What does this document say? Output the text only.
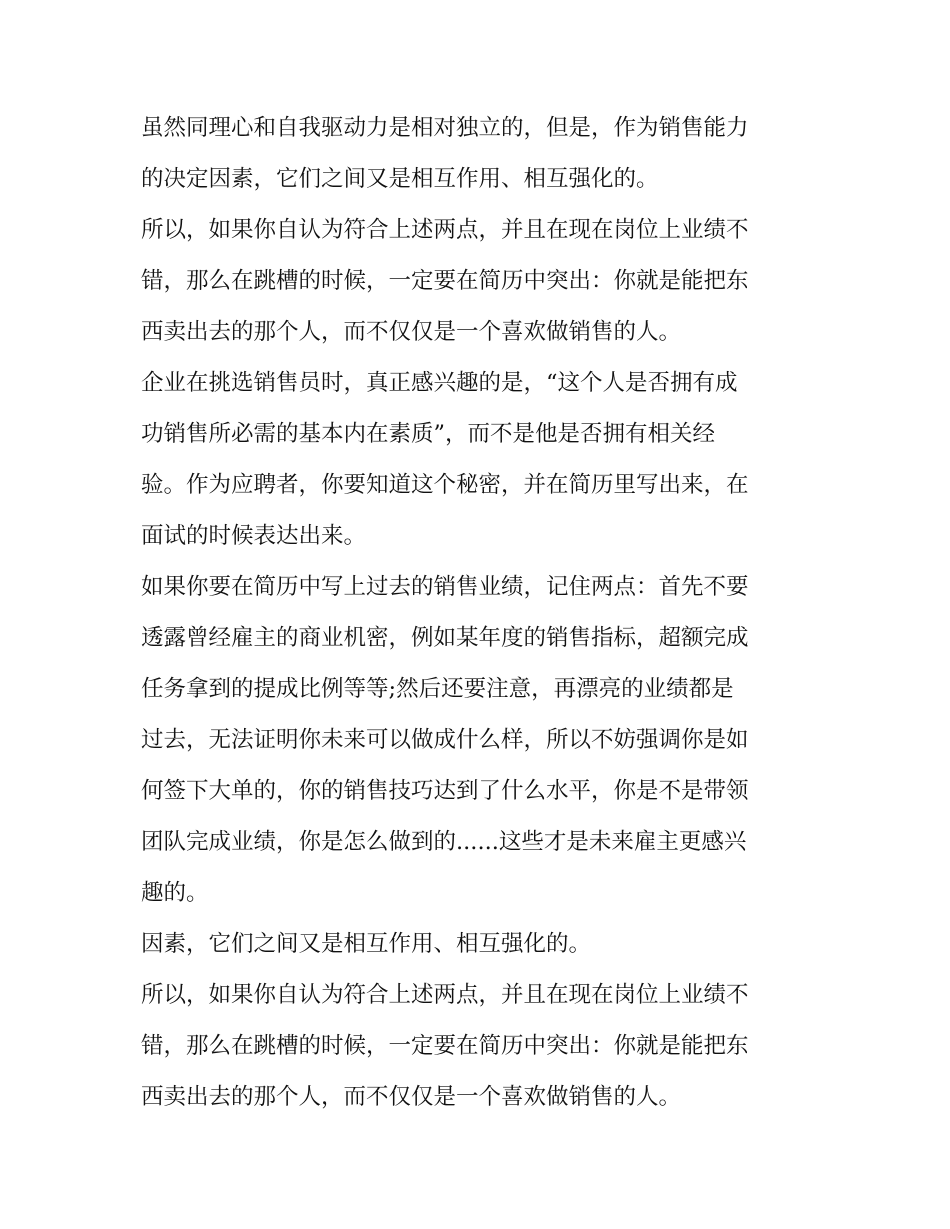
虽然同理心和自我驱动力是相对独立的，但是，作为销售能力
的决定因素，它们之间又是相互作用、相互强化的。
所以，如果你自认为符合上述两点，并且在现在岗位上业绩不
错，那么在跳槽的时候，一定要在简历中突出：你就是能把东
西卖出去的那个人，而不仅仅是一个喜欢做销售的人。
企业在挑选销售员时，真正感兴趣的是，“这个人是否拥有成
功销售所必需的基本内在素质”，而不是他是否拥有相关经
验。作为应聘者，你要知道这个秘密，并在简历里写出来，在
面试的时候表达出来。
如果你要在简历中写上过去的销售业绩，记住两点：首先不要
透露曾经雇主的商业机密，例如某年度的销售指标，超额完成
任务拿到的提成比例等等;然后还要注意，再漂亮的业绩都是
过去，无法证明你未来可以做成什么样，所以不妨强调你是如
何签下大单的，你的销售技巧达到了什么水平，你是不是带领
团队完成业绩，你是怎么做到的......这些才是未来雇主更感兴
趣的。
因素，它们之间又是相互作用、相互强化的。
所以，如果你自认为符合上述两点，并且在现在岗位上业绩不
错，那么在跳槽的时候，一定要在简历中突出：你就是能把东
西卖出去的那个人，而不仅仅是一个喜欢做销售的人。
